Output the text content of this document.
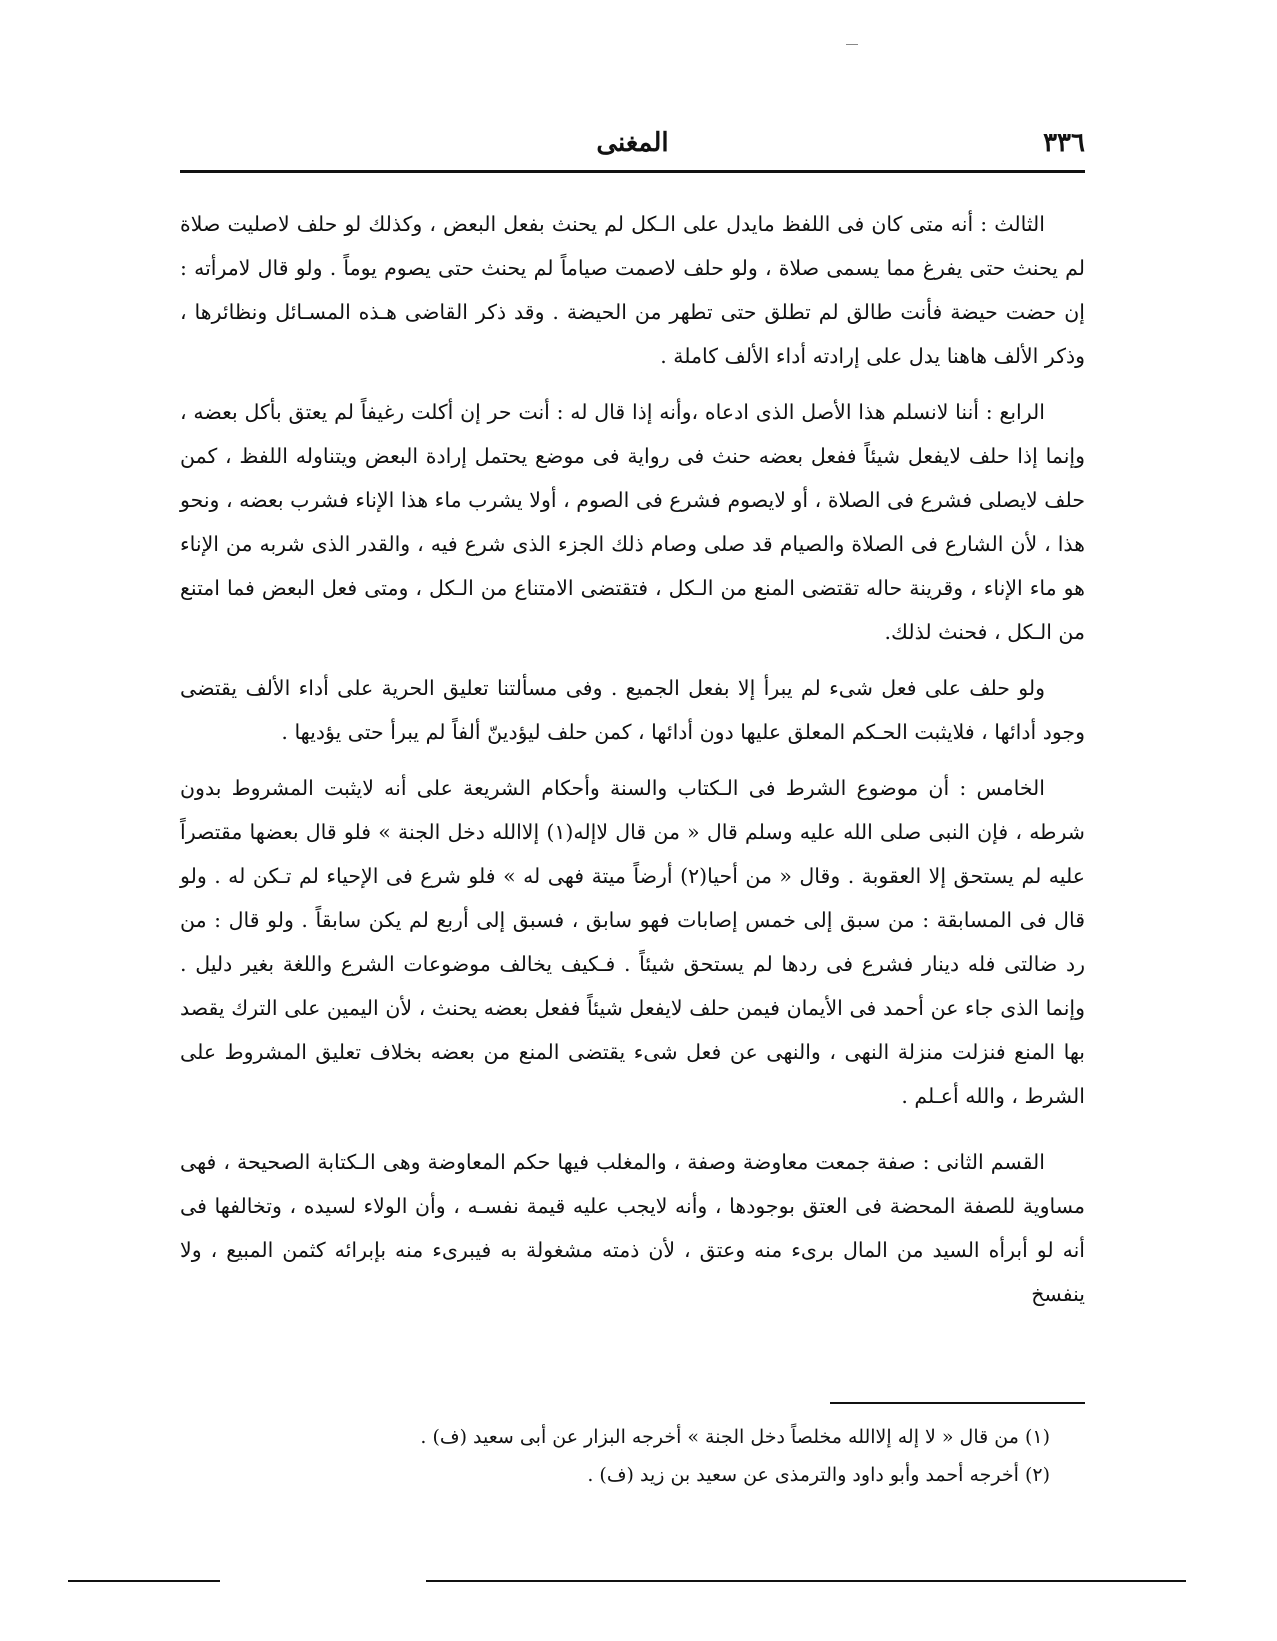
٣٣٦
المغنى

الثالث : أنه متى كان فى اللفظ مايدل على الـكل لم يحنث بفعل البعض ، وكذلك لو حلف لاصليت صلاة لم يحنث حتى يفرغ مما يسمى صلاة ، ولو حلف لاصمت صياماً لم يحنث حتى يصوم يوماً . ولو قال لامرأته : إن حضت حيضة فأنت طالق لم تطلق حتى تطهر من الحيضة . وقد ذكر القاضى هـذه المسـائل ونظائرها ، وذكر الألف هاهنا يدل على إرادته أداء الألف كاملة .

الرابع : أننا لانسلم هذا الأصل الذى ادعاه ،وأنه إذا قال له : أنت حر إن أكلت رغيفاً لم يعتق بأكل بعضه ، وإنما إذا حلف لايفعل شيئاً ففعل بعضه حنث فى رواية فى موضع يحتمل إرادة البعض ويتناوله اللفظ ، كمن حلف لايصلى فشرع فى الصلاة ، أو لايصوم فشرع فى الصوم ، أولا يشرب ماء هذا الإناء فشرب بعضه ، ونحو هذا ، لأن الشارع فى الصلاة والصيام قد صلى وصام ذلك الجزء الذى شرع فيه ، والقدر الذى شربه من الإناء هو ماء الإناء ، وقرينة حاله تقتضى المنع من الـكل ، فتقتضى الامتناع من الـكل ، ومتى فعل البعض فما امتنع من الـكل ، فحنث لذلك.

ولو حلف على فعل شىء لم يبرأ إلا بفعل الجميع . وفى مسألتنا تعليق الحرية على أداء الألف يقتضى وجود أدائها ، فلايثبت الحـكم المعلق عليها دون أدائها ، كمن حلف ليؤدينّ ألفاً لم يبرأ حتى يؤديها .

الخامس : أن موضوع الشرط فى الـكتاب والسنة وأحكام الشريعة على أنه لايثبت المشروط بدون شرطه ، فإن النبى صلى الله عليه وسلم قال « من قال لاإله(١) إلاالله دخل الجنة » فلو قال بعضها مقتصراً عليه لم يستحق إلا العقوبة . وقال « من أحيا(٢) أرضاً ميتة فهى له » فلو شرع فى الإحياء لم تـكن له . ولو قال فى المسابقة : من سبق إلى خمس إصابات فهو سابق ، فسبق إلى أربع لم يكن سابقاً . ولو قال : من رد ضالتى فله دينار فشرع فى ردها لم يستحق شيئاً . فـكيف يخالف موضوعات الشرع واللغة بغير دليل . وإنما الذى جاء عن أحمد فى الأيمان فيمن حلف لايفعل شيئاً ففعل بعضه يحنث ، لأن اليمين على الترك يقصد بها المنع فنزلت منزلة النهى ، والنهى عن فعل شىء يقتضى المنع من بعضه بخلاف تعليق المشروط على الشرط ، والله أعـلم .

القسم الثانى : صفة جمعت معاوضة وصفة ، والمغلب فيها حكم المعاوضة وهى الـكتابة الصحيحة ، فهى مساوية للصفة المحضة فى العتق بوجودها ، وأنه لايجب عليه قيمة نفسـه ، وأن الولاء لسيده ، وتخالفها فى أنه لو أبرأه السيد من المال برىء منه وعتق ، لأن ذمته مشغولة به فيبرىء منه بإبرائه كثمن المبيع ، ولا ينفسخ

(١) من قال « لا إله إلاالله مخلصاً دخل الجنة » أخرجه البزار عن أبى سعيد (ف) .
(٢) أخرجه أحمد وأبو داود والترمذى عن سعيد بن زيد (ف) .
